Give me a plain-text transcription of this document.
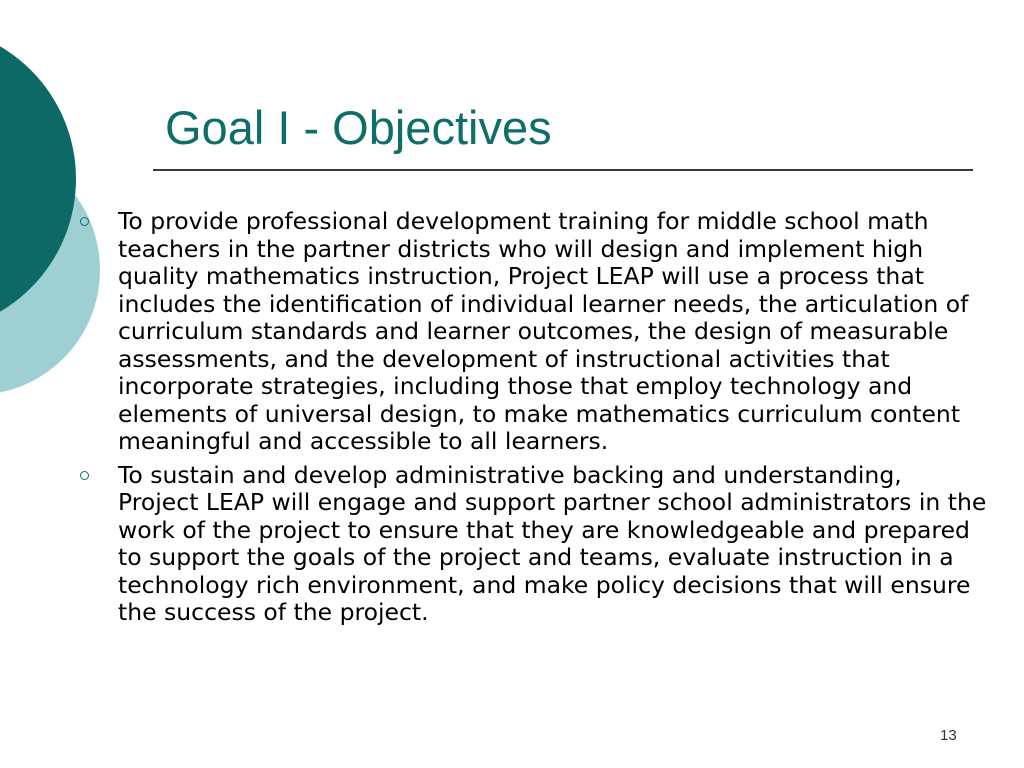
Goal I - Objectives
To provide professional development training for middle school math teachers in the partner districts who will design and implement high quality mathematics instruction, Project LEAP will use a process that includes the identification of individual learner needs, the articulation of curriculum standards and learner outcomes, the design of measurable assessments, and the development of instructional activities that incorporate strategies, including those that employ technology and elements of universal design, to make mathematics curriculum content meaningful and accessible to all learners.
To sustain and develop administrative backing and understanding, Project LEAP will engage and support partner school administrators in the work of the project to ensure that they are knowledgeable and prepared to support the goals of the project and teams, evaluate instruction in a technology rich environment, and make policy decisions that will ensure the success of the project.
13
